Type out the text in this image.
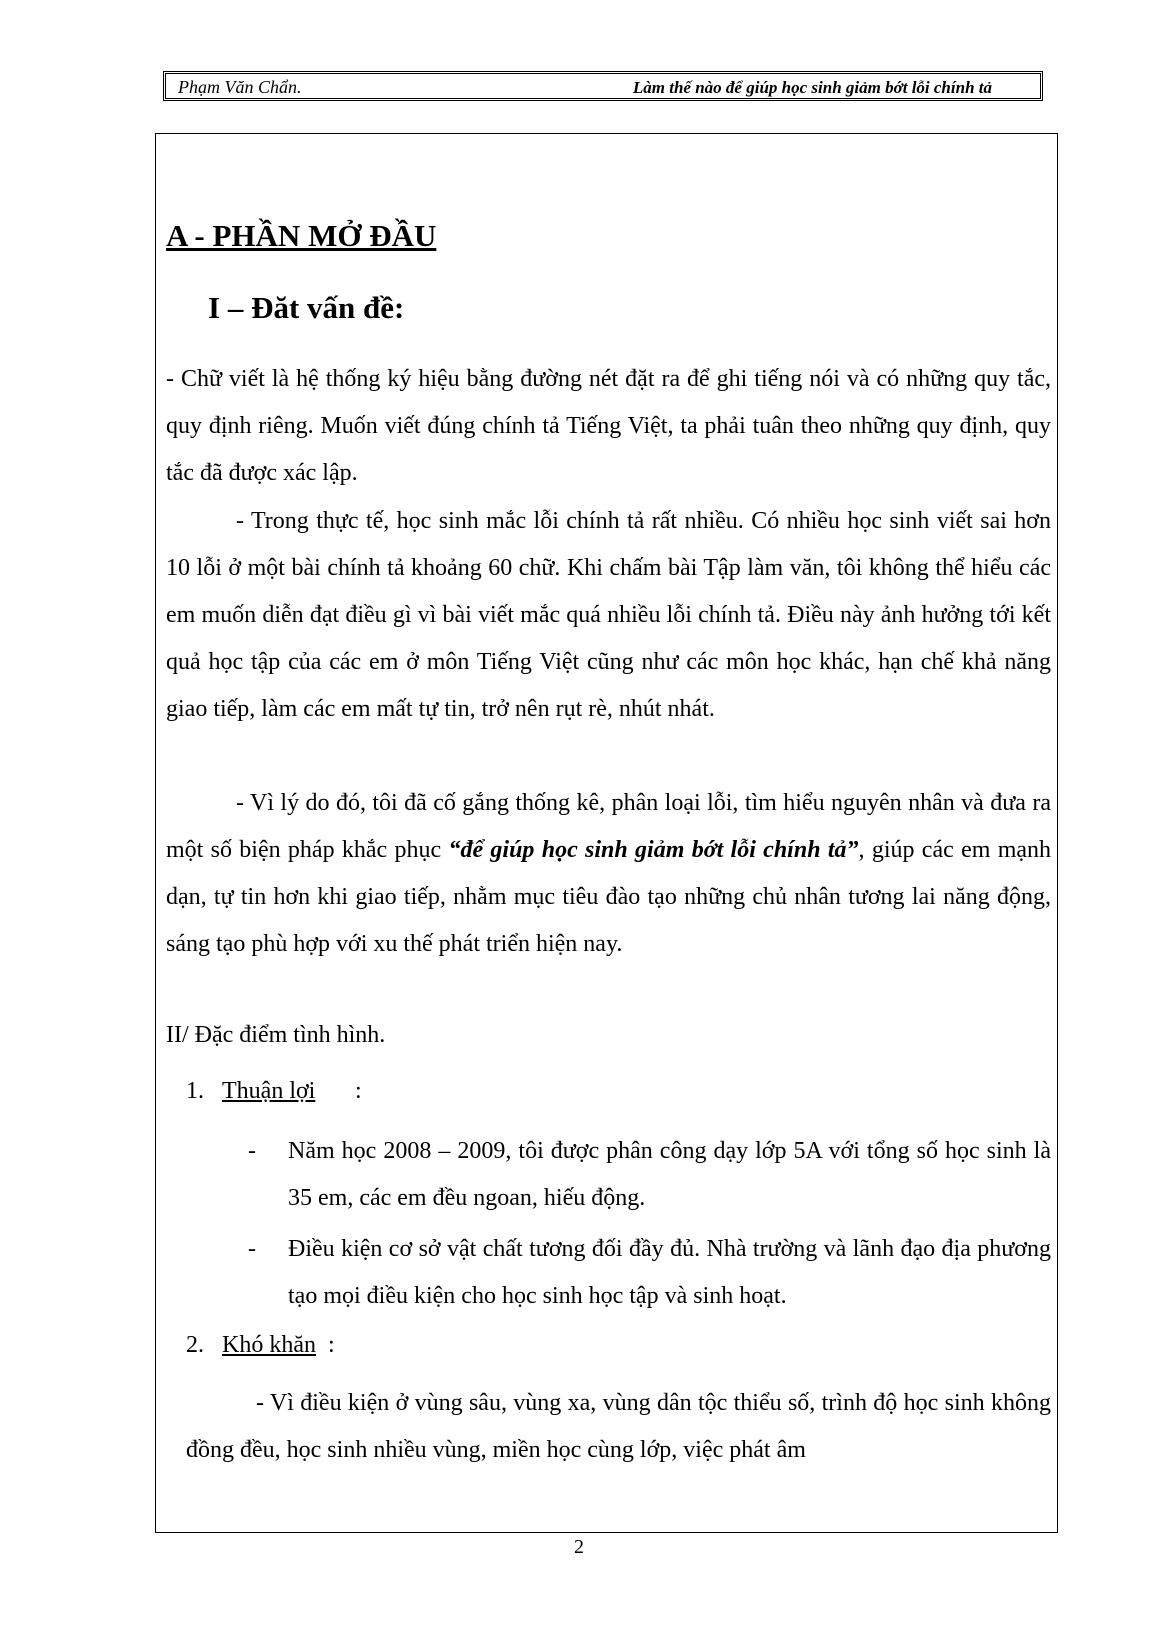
Phạm Văn Chẩn.	Làm thế nào để giúp học sinh giảm bớt lỗi chính tả
A - PHẦN MỞ ĐẦU
I – Đăt vấn đề:

- Chữ viết là hệ thống ký hiệu bằng đường nét đặt ra để ghi tiếng nói và có những quy tắc, quy định riêng. Muốn viết đúng chính tả Tiếng Việt, ta phải tuân theo những quy định, quy tắc đã được xác lập.

- Trong thực tế, học sinh mắc lỗi chính tả rất nhiều. Có nhiều học sinh viết sai hơn 10 lỗi ở một bài chính tả khoảng 60 chữ. Khi chấm bài Tập làm văn, tôi không thể hiểu các em muốn diễn đạt điều gì vì bài viết mắc quá nhiều lỗi chính tả. Điều này ảnh hưởng tới kết quả học tập của các em ở môn Tiếng Việt cũng như các môn học khác, hạn chế khả năng giao tiếp, làm các em mất tự tin, trở nên rụt rè, nhút nhát.

- Vì lý do đó, tôi đã cố gắng thống kê, phân loại lỗi, tìm hiểu nguyên nhân và đưa ra một số biện pháp khắc phục “để giúp học sinh giảm bớt lỗi chính tả”, giúp các em mạnh dạn, tự tin hơn khi giao tiếp, nhằm mục tiêu đào tạo những chủ nhân tương lai năng động, sáng tạo phù hợp với xu thế phát triển hiện nay.

II/ Đặc điểm tình hình.
1. Thuận lợi :
- Năm học 2008 – 2009, tôi được phân công dạy lớp 5A với tổng số học sinh là 35 em, các em đều ngoan, hiếu động.
- Điều kiện cơ sở vật chất tương đối đầy đủ. Nhà trường và lãnh đạo địa phương tạo mọi điều kiện cho học sinh học tập và sinh hoạt.
2. Khó khăn :

- Vì điều kiện ở vùng sâu, vùng xa, vùng dân tộc thiểu số, trình độ học sinh không đồng đều, học sinh nhiều vùng, miền học cùng lớp, việc phát âm

2
